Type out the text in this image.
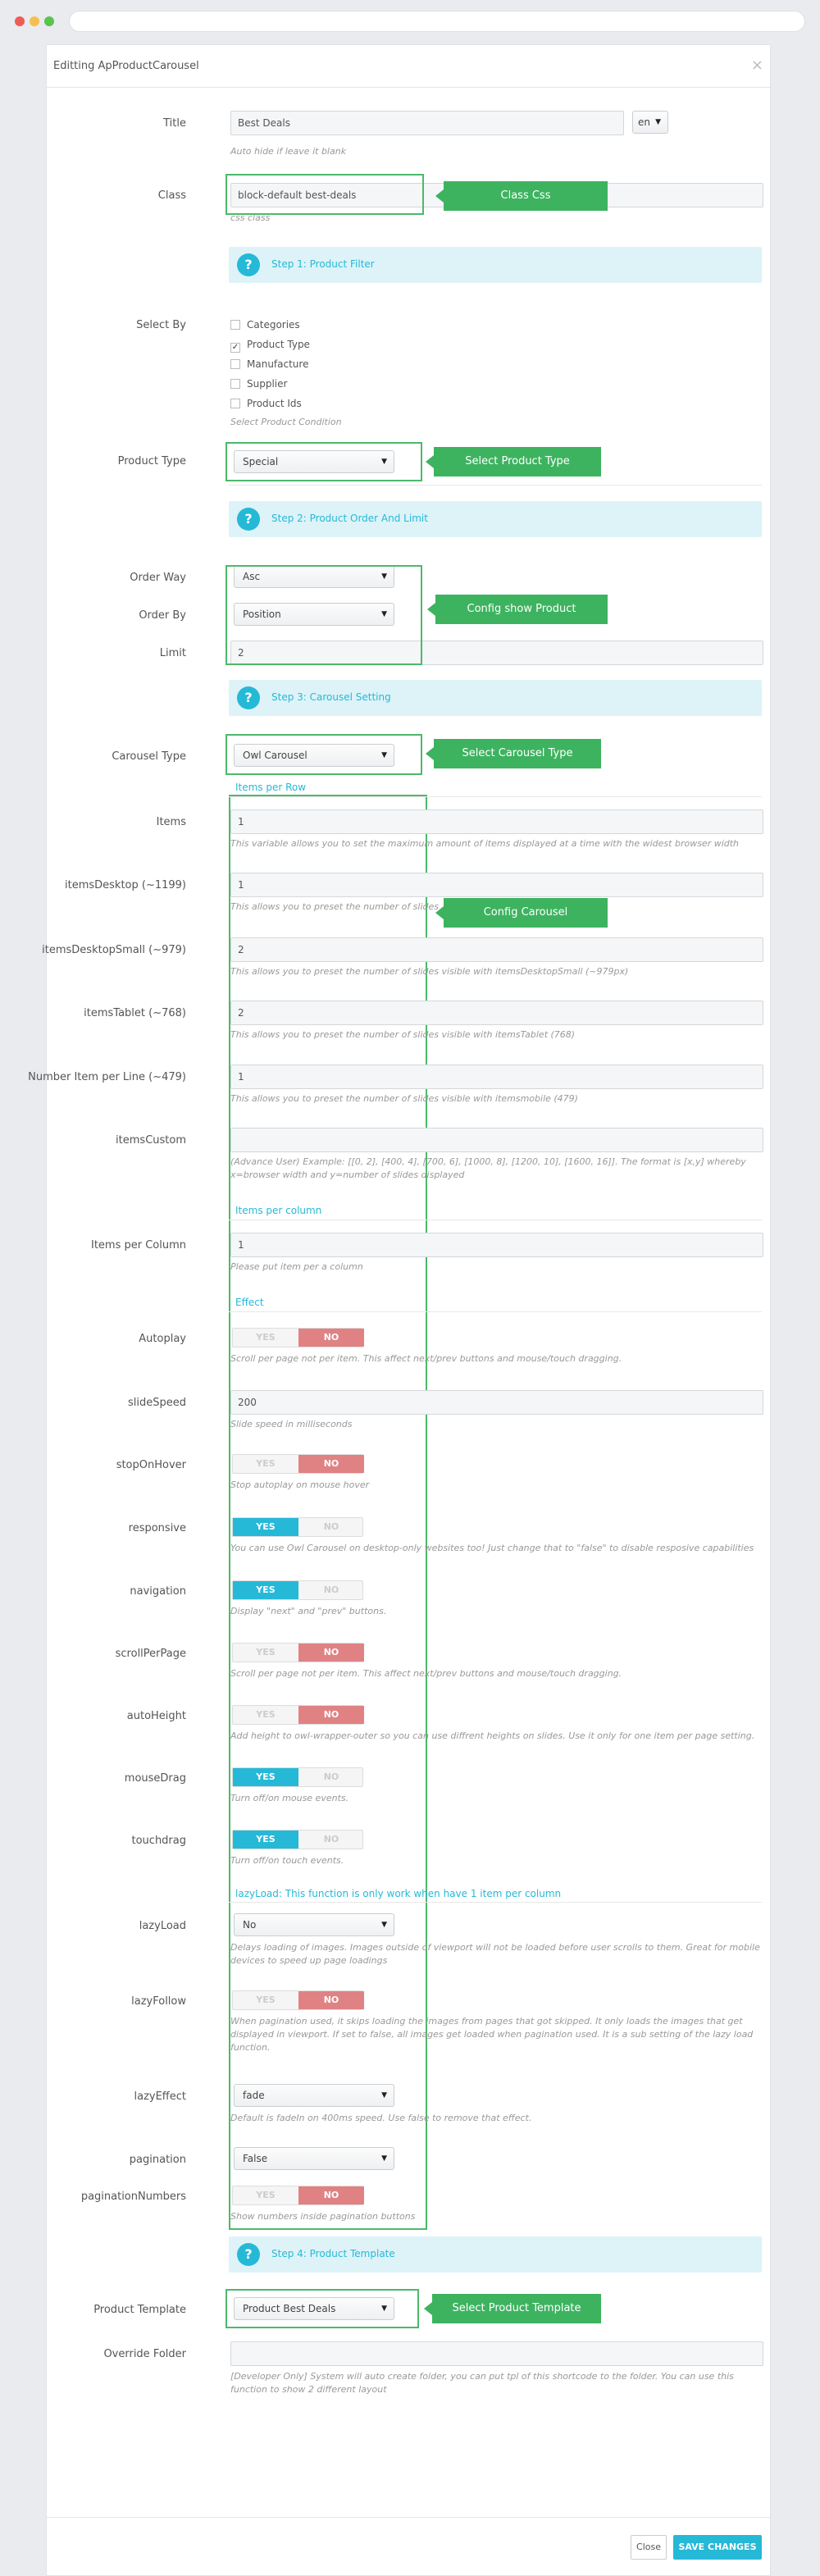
Editting ApProductCarousel	×
Title	Best Deals	en ▼
Auto hide if leave it blank
Class	block-default best-deals
css class
Class Css
?	Step 1: Product Filter
Select By	Categories
✓ Product Type
Manufacture
Supplier
Product Ids
Select Product Condition
Product Type	Special	▼	Select Product Type
?	Step 2: Product Order And Limit
Order Way	Asc	▼
Order By	Position	▼
Limit	2
Config show Product
?	Step 3: Carousel Setting
Carousel Type	Owl Carousel	▼	Select Carousel Type
Config Carousel
Items per Row
Items	1
This variable allows you to set the maximum amount of items displayed at a time with the widest browser width
itemsDesktop (~1199)	1
This allows you to preset the number of slides
itemsDesktopSmall (~979)	2
This allows you to preset the number of slides visible with itemsDesktopSmall (~979px)
itemsTablet (~768)	2
This allows you to preset the number of slides visible with itemsTablet (768)
Number Item per Line (~479)	1
This allows you to preset the number of slides visible with itemsmobile (479)
itemsCustom
(Advance User) Example: [[0, 2], [400, 4], [700, 6], [1000, 8], [1200, 10], [1600, 16]]. The format is [x,y] whereby x=browser width and y=number of slides displayed
Items per column
Items per Column	1
Please put item per a column
Effect
Autoplay	YES	NO
Scroll per page not per item. This affect next/prev buttons and mouse/touch dragging.
slideSpeed	200
Slide speed in milliseconds
stopOnHover	YES	NO
Stop autoplay on mouse hover
responsive	YES	NO
You can use Owl Carousel on desktop-only websites too! Just change that to "false" to disable resposive capabilities
navigation	YES	NO
Display "next" and "prev" buttons.
scrollPerPage	YES	NO
Scroll per page not per item. This affect next/prev buttons and mouse/touch dragging.
autoHeight	YES	NO
Add height to owl-wrapper-outer so you can use diffrent heights on slides. Use it only for one item per page setting.
mouseDrag	YES	NO
Turn off/on mouse events.
touchdrag	YES	NO
Turn off/on touch events.
lazyLoad: This function is only work when have 1 item per column
lazyLoad	No	▼
Delays loading of images. Images outside of viewport will not be loaded before user scrolls to them. Great for mobile devices to speed up page loadings
lazyFollow	YES	NO
When pagination used, it skips loading the images from pages that got skipped. It only loads the images that get displayed in viewport. If set to false, all images get loaded when pagination used. It is a sub setting of the lazy load function.
lazyEffect	fade	▼
Default is fadeIn on 400ms speed. Use false to remove that effect.
pagination	False	▼
paginationNumbers	YES	NO
Show numbers inside pagination buttons
?	Step 4: Product Template
Product Template	Product Best Deals	▼	Select Product Template
Override Folder
[Developer Only] System will auto create folder, you can put tpl of this shortcode to the folder. You can use this function to show 2 different layout
Close	SAVE CHANGES
